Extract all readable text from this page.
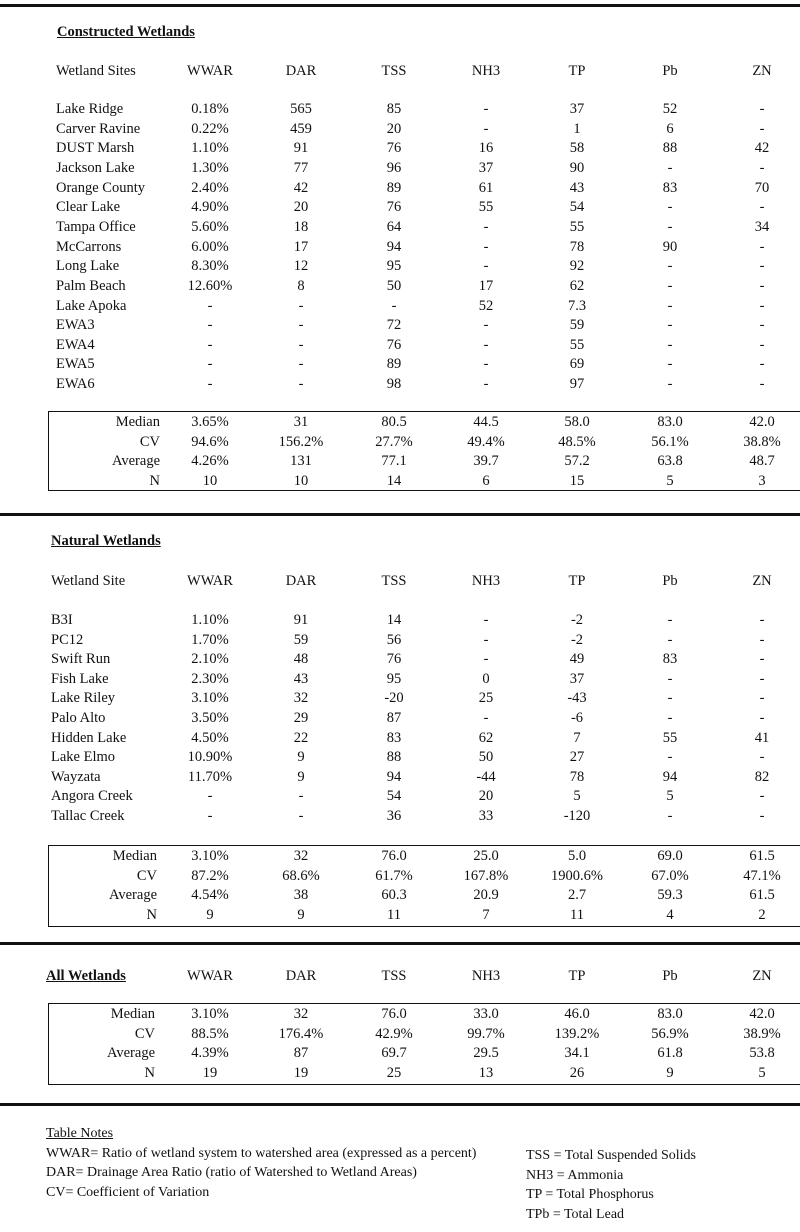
Constructed Wetlands
Wetland Sites	WWAR	DAR	TSS	NH3	TP	Pb	ZN
Lake Ridge	0.18%	565	85	-	37	52	-
Carver Ravine	0.22%	459	20	-	1	6	-
DUST Marsh	1.10%	91	76	16	58	88	42
Jackson Lake	1.30%	77	96	37	90	-	-
Orange County	2.40%	42	89	61	43	83	70
Clear Lake	4.90%	20	76	55	54	-	-
Tampa Office	5.60%	18	64	-	55	-	34
McCarrons	6.00%	17	94	-	78	90	-
Long Lake	8.30%	12	95	-	92	-	-
Palm Beach	12.60%	8	50	17	62	-	-
Lake Apoka	-	-	-	52	7.3	-	-
EWA3	-	-	72	-	59	-	-
EWA4	-	-	76	-	55	-	-
EWA5	-	-	89	-	69	-	-
EWA6	-	-	98	-	97	-	-
Median 3.65%	31	80.5	44.5	58.0	83.0	42.0
CV 94.6%	156.2%	27.7%	49.4%	48.5%	56.1%	38.8%
Average 4.26%	131	77.1	39.7	57.2	63.8	48.7
N	10	10	14	6	15	5	3
Natural Wetlands
Wetland Site	WWAR	DAR	TSS	NH3	TP	Pb	ZN
B3I	1.10%	91	14	-	-2	-	-
PC12	1.70%	59	56	-	-2	-	-
Swift Run	2.10%	48	76	-	49	83	-
Fish Lake	2.30%	43	95	0	37	-	-
Lake Riley	3.10%	32	-20	25	-43	-	-
Palo Alto	3.50%	29	87	-	-6	-	-
Hidden Lake	4.50%	22	83	62	7	55	41
Lake Elmo	10.90%	9	88	50	27	-	-
Wayzata	11.70%	9	94	-44	78	94	82
Angora Creek	-	-	54	20	5	5	-
Tallac Creek	-	-	36	33	-120	-	-
Median 3.10%	32	76.0	25.0	5.0	69.0	61.5
CV 87.2%	68.6%	61.7%	167.8%	1900.6%	67.0%	47.1%
Average 4.54%	38	60.3	20.9	2.7	59.3	61.5
N	9	9	11	7	11	4	2
All Wetlands	WWAR	DAR	TSS	NH3	TP	Pb	ZN
Median	3.10%	32	76.0	33.0	46.0	83.0	42.0
CV	88.5%	176.4%	42.9%	99.7%	139.2%	56.9%	38.9%
Average	4.39%	87	69.7	29.5	34.1	61.8	53.8
N	19	19	25	13	26	9	5
Table Notes
WWAR= Ratio of wetland system to watershed area (expressed as a percent)
DAR= Drainage Area Ratio (ratio of Watershed to Wetland Areas)
CV= Coefficient of Variation
TSS = Total Suspended Solids
NH3 = Ammonia
TP = Total Phosphorus
TPb = Total Lead
